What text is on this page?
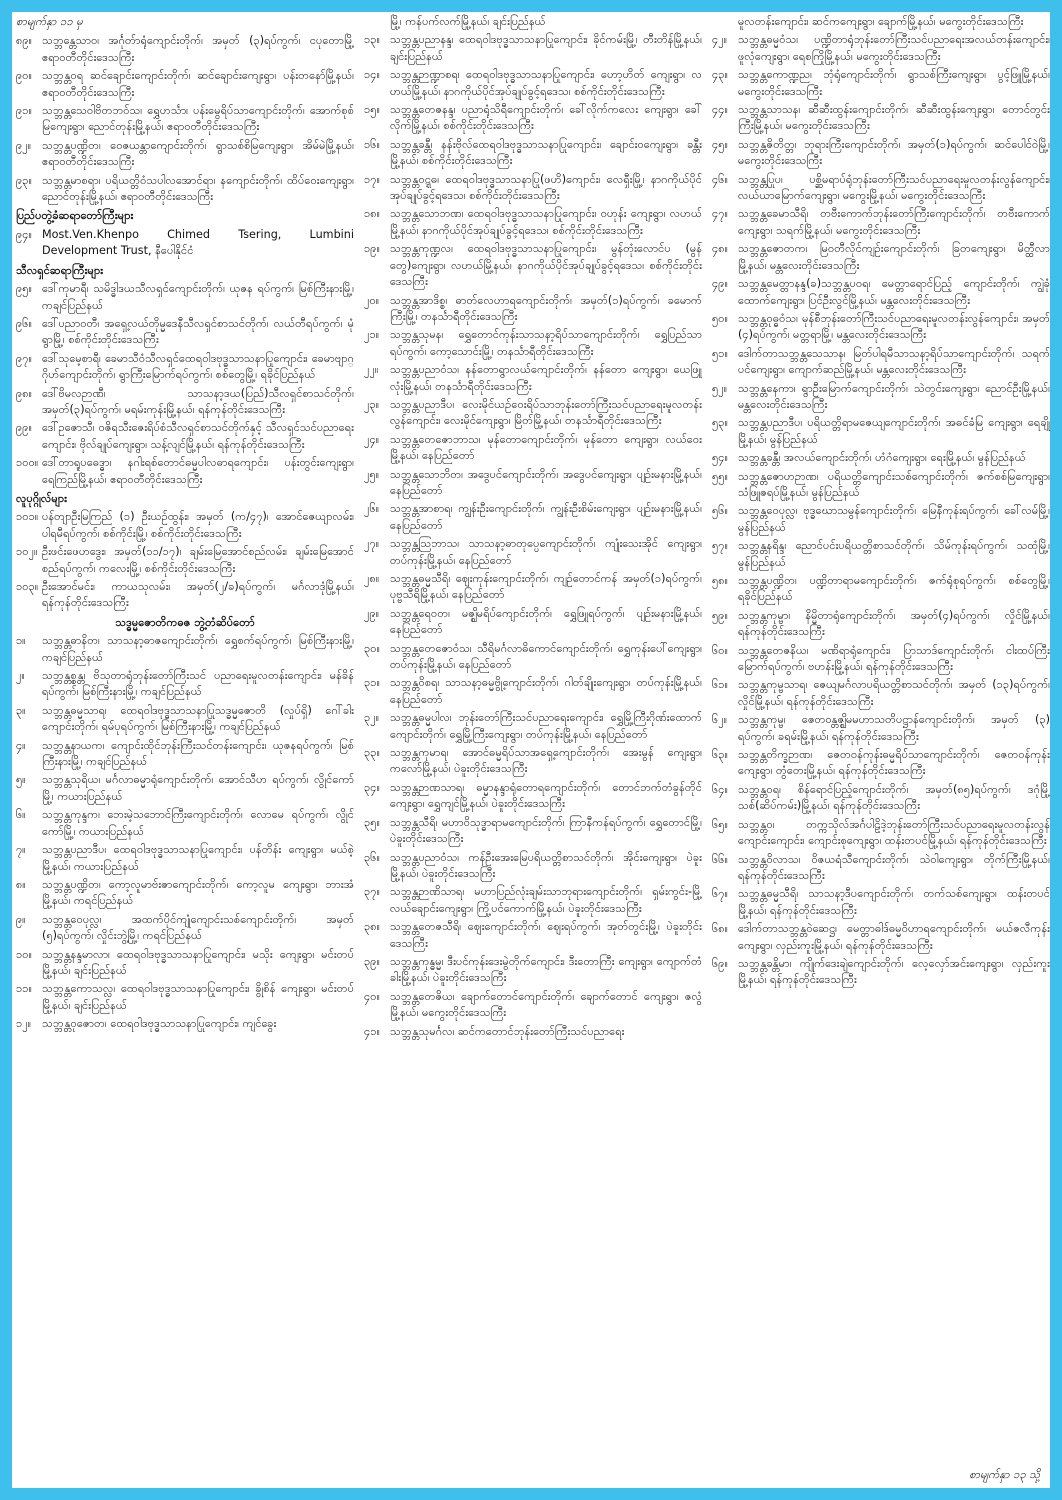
စာမျက်နှာ ၁၁ မှ
၈၉။ သဘ္ဘန္တေသာဝ၊ အင်္ဂုတ်ာရုံကျောင်းတိုက်၊ အမှတ် (၃)ရပ်ကွက်၊ ငပုတောမြို့ ဧရာဝတီတိုင်းဒေသကြီး
၉၀။ သဘ္ဘန္တဝရ ဆင်ချောင်းကျောင်းတိုက်၊ ဆင်ချောင်းကျေးရွာ၊ ပန်းတနော်မြို့နယ်၊ ဧရာဝတီတိုင်းဒေသကြီး
၉၁။ သဘ္ဘန္တသေဝါဗိတဘဝ်သ၊ ရွှေဟင်္သာ၊ ပန်းမွေရိပ်သာကျောင်းတိုက်၊ အောက်စုစ်မြကျေးရွာ၊ ညောင်တုန်းမြို့နယ်၊ ဧရာဝတီတိုင်းဒေသကြီး
၉၂။ သဘ္ဘန္တပဏ္ဍိတ၊ ဝေဇယန္တာကျောင်းတိုက်၊ ရွာသစ်စိမြကျေးရွာ၊ အိမ်မဲမြို့နယ်၊ ဧရာဝတီတိုင်းဒေသကြီး
၉၃။ သဘ္ဘန္တမာစရာ၊ ပရိယတ္တိဝံသပါလအောင်ရာ၊ နကျောင်းတိုက်၊ ထိပ်ဝေးကျေးရွာ၊ ညောင်တုန်းမြို့နယ်၊ ဧရာဝတီတိုင်းဒေသကြီး
ပြည်ပတွဲ့ခံဆရာတော်ကြီးများ
၉၄။ Most.Ven.Khenpo Chimed Tsering, Lumbini Development Trust, နီပေါနိုင်ငံ
သီလရှင်ဆရာကြီးများ
၉၅။ ဒေါ်ကုမာရီ၊ သမိဒ္ဓါဒယသီလရှင်ကျောင်းတိုက်၊ ယုဇန ရပ်ကွက်၊ မြစ်ကြီးနားမြို့၊ ကချင်ပြည်နယ်
၉၆။ ဒေါ်ပညာဝတီ၊ အရှေ့လယ်တိုမ္မဒေနီသီလရှင်စာသင်တိုက်၊ လယ်တီရပ်ကွက်၊ မုံရွာမြို့၊ စစ်ကိုင်းတိုင်းဒေသကြီး
၉၇။ ဒေါ်သုမေ့စာရီ၊ ခေမာသီဝံသီလရှင်ထေရဝါဒဗုဒ္ဓသာသနာပြုကျောင်း၊ ခေမာဗျာဂ္ဂိုဟ်ကျောင်းတိုက်၊ ရွာကြီးမြောက်ရပ်ကွက်၊ စစ်တွေမြို့၊ ရခိုင်ပြည်နယ်
၉၈။ ဒေါ်ဗိမလဉာဏီ၊ သာသနာ့ဒယ(ပြည်)သီလရှင်စာသင်တိုက်၊ အမှတ်(၃)ရပ်ကွက်၊ မရမ်းကုန်းမြို့နယ်၊ ရန်ကုန်တိုင်းဒေသကြီး
၉၉။ ဒေါ်ဥဇောသီ၊ ဝဇိရသီးဇေးရိပ်စံသီလရှင်စာသင်တိုက်နှင့် သီလရှင်သင်ပညာရေးကျောင်း၊ ဗိုလ်ချုပ်ကျေးရွာ၊ သန့်လျင်မြို့နယ်၊ ရန်ကုန်တိုင်းဒေသကြီး
၁၀၀။ ဒေါ်တာရူပဓေဒ္ဓာ၊ နဂါးရစ်တောင်ဓမ္မပါလဓာရကျောင်း၊ ပန်းတွင်းကျေးရွာ၊ ရေကြည်မြို့နယ်၊ ဧရာဝတီတိုင်းဒေသကြီး
လူပုဂ္ဂိုလ်များ
၁၀၁။ ပန်တျာဦးမြကြည် (၁) ဦးယဉ်ထွန်း၊ အမှတ် (က/၄၇)၊ အောင်ဇေယျာလမ်း၊ ပါရမီရပ်ကွက်၊ စစ်ကိုင်းမြို့၊ စစ်ကိုင်းတိုင်းဒေသကြီး
၁၀၂။ ဦးဖင်းဖေဟဒွေး၊ အမှတ်(၁၁/၁၇)၊ ချမ်းမြေအောင်စည်လမ်း၊ ချမ်းမြေအောင်စည်ရပ်ကွက်၊ ကလေးမြို့၊ စစ်ကိုင်းတိုင်းဒေသကြီး
၁၀၃။ ဦးအောင်မင်း၊ ကာယသုလမ်း၊ အမှတ်(၂/ခ)ရပ်ကွက်၊ မင်္ဂလာဒုံမြို့နယ်၊ ရန်ကုန်တိုင်းဒေသကြီး
သဒ္ဓမ္မဇောတိကဓဇ ဘွဲ့တံဆိပ်တော်
၁။	သဘ္ဘန္တဓာနိတ၊ သာသနာ့ဓာဇကျောင်းတိုက်၊ ရွှေစက်ရပ်ကွက်၊ မြစ်ကြီးနားမြို့၊ ကချင်ပြည်နယ်
၂။	သဘ္ဘန္တစ္စန္တ၊ ဗိသုတာရုံဘုန်းတော်ကြီးသင် ပညာရေးမူလတန်းကျောင်း၊ မန်ခိန်ရပ်ကွက်၊ မြစ်ကြီးနားမြို့၊ ကချင်ပြည်နယ်
၃။	သဘ္ဘန္တဓမ္မသာရ၊ ထေရဝါဒဗုဒ္ဓသာသနာပြုသဒ္ဓမ္မဇောတိ (လှုပ်ရှိ) ဂေါ်ခါးကျောင်းတိုက်၊ ရမ်ပုရပ်ကွက်၊ မြစ်ကြီးနားမြို့၊ ကချင်ပြည်နယ်
၄။	သဘ္ဘန္တနာယက၊ ကျောင်းထိုင်ဘုန်းကြီးသင်တန်းကျောင်း၊ ယုဇနရပ်ကွက်၊ မြစ်ကြီးနားမြို့၊ ကချင်ပြည်နယ်
၅။	သဘ္ဘန္တသုရိယ၊ မင်္ဂလာဓမ္မာရုံကျောင်းတိုက်၊ အောင်သီဟ ရပ်ကွက်၊ လွိုင်ကော်မြို့၊ ကယားပြည်နယ်
၆။	သဘ္ဘန္တကုန္ဒက၊ ဘေးမဲ့သဘောင်ကြီးကျောင်းတိုက်၊ လောမေ ရပ်ကွက်၊ လွိုင်ကော်မြို့၊ ကယားပြည်နယ်
၇။	သဘ္ဘန္တပညာဒီပ၊ ထေရဝါဒဗုဒ္ဓသာသနာပြုကျောင်း၊ ပန်တိန်း ကျေးရွာ၊ မယ်စဲ့မြို့နယ်၊ ကယားပြည်နယ်
၈။	သဘ္ဘန္တပဏ္ဍိတ၊ ကော့လူမာဗ်းဇာကျောင်းတိုက်၊ ကော့လူမ ကျေးရွာ၊ ဘားအံမြို့နယ်၊ ကရင်ပြည်နယ်
၉။	သဘ္ဘန္တဝေပုလ္လ၊ အထက်ပိုင်ကျုံကျောင်းသစ်ကျောင်းတိုက်၊ အမှတ် (၅)ရပ်ကွက်၊ လှိုင်းဘွဲ့မြို့၊ ကရင်ပြည်နယ်
၁၀။ သဘ္ဘန္တနန္ဒမာလာ၊ ထေရဝါဒဗုဒ္ဓသာသနာပြုကျောင်း၊ မသိုး ကျေးရွာ၊ မင်းတပ်မြို့နယ်၊ ချင်းပြည်နယ်
၁၁။ သဘ္ဘန္တကောသလ္လ၊ ထေရဝါဒဗုဒ္ဓသာသနာပြုကျောင်း၊ ခွိုစိန် ကျေးရွာ၊ မင်းတပ်မြို့နယ်၊ ချင်းပြည်နယ်
၁၂။ သဘ္ဘန္တဝုဇောတ၊ ထေရဝါဒဗုဒ္ဓသာသနာပြုကျောင်း၊ ကျင်ခွေး
မြို့၊ ကန်ပက်လက်မြို့နယ်၊ ချင်းပြည်နယ်
၁၃။ သဘ္ဘန္တပညာနန္ဒ၊ ထေရဝါဒဗုဒ္ဓသာသနာပြုကျောင်း၊ ခိုင်ကမ်းမြို့၊ တီးတိန်မြို့နယ်၊ ချင်းပြည်နယ်
၁၄။ သဘ္ဘန္တဉာဏ္ဍာစရ၊ ထေရဝါဒဗုဒ္ဓသာသနာပြုကျောင်း၊ ဟော့ဟိတ် ကျေးရွာ၊ လဟယ်မြို့နယ်၊ နာဂကိုယ်ပိုင်အုပ်ချုပ်ခွင့်ရဒေသ၊ စစ်ကိုင်းတိုင်းဒေသကြီး
၁၅။ သဘ္ဘန္တတေဇနန္ဒ၊ ပညာရုံသိရီကျောင်းတိုက်၊ ခေါ်လိုက်ကလေး ကျေးရွာ၊ ခေါ်လိုက်မြို့နယ်၊ စစ်ကိုင်းတိုင်းဒေသကြီး
၁၆။ သဘ္ဘန္တခန္တီ၊ နန်းဗိုလ်ထေရဝါဒဗုဒ္ဓသာသနာပြုကျောင်း၊ ချောင်းဝကျေးရွာ၊ ခန္တီးမြို့နယ်၊ စစ်ကိုင်းတိုင်းဒေသကြီး
၁၇။ သဘ္ဘန္တဝဋ္ဋဓ၊ ထေရဝါဒဗုဒ္ဓသာသနာပြု(ဖဟိ)ကျောင်း၊ လေရှီးမြို့၊ နာဂကိုယ်ပိုင်အုပ်ချုပ်ခွင့်ရဒေသ၊ စစ်ကိုင်းတိုင်းဒေသကြီး
၁၈။ သဘ္ဘန္တသောဘဏ၊ ထေရဝါဒဗုဒ္ဓသာသနာပြုကျောင်း၊ ဝဟုန်း ကျေးရွာ၊ လဟယ်မြို့နယ်၊ နာဂကိုယ်ပိုင်အုပ်ချုပ်ခွင့်ရဒေသ၊ စစ်ကိုင်းတိုင်းဒေသကြီး
၁၉။ သဘ္ဘန္တကုဏ္ဍလ၊ ထေရဝါဒဗုဒ္ဓသာသနာပြုကျောင်း၊ မွန်တုံးလောင်ပ (မွန်တွေ)ကျေးရွာ၊ လဟယ်မြို့နယ်၊ နာဂကိုယ်ပိုင်အုပ်ချုပ်ခွင့်ရဒေသ၊ စစ်ကိုင်းတိုင်းဒေသကြီး
၂၀။ သဘ္ဘန္တအာဒိစ္စ၊ ဓာတ်လေဟာရကျောင်းတိုက်၊ အမှတ်(၁)ရပ်ကွက်၊ ခမောက်ကြီးမြို့၊ တနင်္သာရီတိုင်းဒေသကြီး
၂၁။ သဘ္ဘန္တသုမန၊ ရွှေတောင်ကုန်းသာသနာ့ရိပ်သာကျောင်းတိုက်၊ ရွှေပြည်သာရပ်ကွက်၊ ကော့သောင်းမြို့၊ တနင်္သာရီတိုင်းဒေသကြီး
၂၂။	သဘ္ဘန္တပညာဝံသ၊ နန်တောရွာလယ်ကျောင်းတိုက်၊ နန်တော ကျေးရွာ၊ ယေဖြူလုံးမြို့နယ်၊ တနင်္သာရီတိုင်းဒေသကြီး
၂၃။ သဘ္ဘန္တပညာဒီပ၊ လေးမိုင်ယဉ်ဝေးရိပ်သာဘုန်းတော်ကြီးသင်ပညာရေးမူလတန်းလွန်ကျောင်း၊ လေးမိုင်ကျေးရွာ၊ မြိတ်မြို့နယ်၊ တနင်္သာရီတိုင်းဒေသကြီး
၂၄။ သဘ္ဘန္တတေဇောဘာသ၊ မုန်တောကျောင်းတိုက်၊ မုန်တော ကျေးရွာ၊ လယ်ဝေးမြို့နယ်၊ နေပြည်တော်
၂၅။ သဘ္ဘန္တသောဘိတ၊ အဒွေပင်ကျောင်းတိုက်၊ အဒွေပင်ကျေးရွာ၊ ပျဉ်းမနားမြို့နယ်၊ နေပြည်တော်
၂၆။ သဘ္ဘန္တအာစာရ၊ ကျွန်းဦးကျောင်းတိုက်၊ ကျွန်းဦးစိမ်းကျေးရွာ၊ ပျဉ်းမနားမြို့နယ်၊ နေပြည်တော်
၂၇။ သဘ္ဘန္တသြဘာသ၊ သာသနာ့ဓာတုပ္ပေကျောင်းတိုက်၊ ကျုံးသေးအိုင် ကျေးရွာ၊ တပ်ကုန်းမြို့နယ်၊ နေပြည်တော်
၂၈။ သဘ္ဘန္တဓမ္မသီရိ၊ ဈေးကုန်းကျောင်းတိုက်၊ ကျဉ်တောင်ကန် အမှတ်(၁)ရပ်ကွက်၊ ပုဗ္ဗသီရိမြို့နယ်၊ နေပြည်တော်
၂၉။ သဘ္ဘန္တရေဝတ၊ မဇ္ဈိမရိပ်ကျောင်းတိုက်၊ ရွှေဖြူရပ်ကွက်၊ ပျဉ်းမနားမြို့နယ်၊ နေပြည်တော်
၃၀။ သဘ္ဘန္တတေဇောဝံသ၊ သီရိမင်္ဂလာဓိကောင်ကျောင်းတိုက်၊ ရွှေကုန်းပေါ်ကျေးရွာ၊ တပ်ကုန်းမြို့နယ်၊ နေပြည်တော်
၃၁။ သဘ္ဘန္တဝိစရ၊ သာသနာ့ဓမ္မဗွို့ကျောင်းတိုက်၊ ဂါတ်ချိုးကျေးရွာ၊ တပ်ကုန်းမြို့နယ်၊ နေပြည်တော်
၃၂။ သဘ္ဘန္တဓမ္မပါလ၊ ဘုန်းတော်ကြီးသင်ပညာရေးကျောင်း၊ ရွှေမြို့ကြီးဂိုဏ်းထောက်ကျောင်းတိုက်၊ ရွှေမြို့ကြီးကျေးရွာ၊ တပ်ကုန်းမြို့နယ်၊ နေပြည်တော်
၃၃။ သဘ္ဘန္တကုမာရ၊ အောင်ဓမ္မရိပ်သာအရှေ့ကျောင်းတိုက်၊ အေးမွန် ကျေးရွာ၊ ကလော်မြို့နယ်၊ ပဲခူးတိုင်းဒေသကြီး
၃၄။ သဘ္ဘန္တဉာဏသာရ၊ ဓမ္မာနန္ဒာရုံတောရကျောင်းတိုက်၊ တောင်ဘက်တံခွန်တိုင်ကျေးရွာ၊ ရွှေကျင်မြို့နယ်၊ ပဲခူးတိုင်းဒေသကြီး
၃၅။ သဘ္ဘန္တသီရိ၊ မဟာဝိသုဒ္ဓာရာမကျောင်းတိုက်၊ ကြာနီကန်ရပ်ကွက်၊ ရွှေတောင်မြို့၊ ပဲခူးတိုင်းဒေသကြီး
၃၆။ သဘ္ဘန္တပညာဝံသ၊ ကန်ဦးအေးမြေပရိယတ္တိစာသင်တိုက်၊ အိုင်းကျေးရွာ၊ ပဲခူးမြို့နယ်၊ ပဲခူးတိုင်းဒေသကြီး
၃၇။ သဘ္ဘန္တဉာဏိသာရ၊ မဟာပြည်လုံးချမ်းသာဘုရားကျောင်းတိုက်၊ ရှမ်းကွင်း-မြို့လယ်ချောင်းကျေးရွာ၊ ကြို့ပင်ကောက်မြို့နယ်၊ ပဲခူးတိုင်းဒေသကြီး
၃၈။ သဘ္ဘန္တတေဇသီရိ၊ ဈေးကျောင်းတိုက်၊ ဈေးရပ်ကွက်၊ အုတ်တွင်းမြို့၊ ပဲခူးတိုင်းဒေသကြီး
၃၉။ သဘ္ဘန္တကုန္ဓမ္မ၊ ဒီးပင်ကုန်းဒေးမွဲတိုက်ကျောင်း၊ ဒီးတောကြီး ကျေးရွာ၊ ကျောက်တံခါးမြို့နယ်၊ ပဲခူးတိုင်းဒေသကြီး
၄၀။ သဘ္ဘန္တတေဇိယ၊ ချောက်တောင်ကျောင်းတိုက်၊ ချောက်တောင် ကျေးရွာ၊ ဇလွံမြို့နယ်၊ မကွေးတိုင်းဒေသကြီး
၄၁။ သဘ္ဘန္တသုမင်္ဂလ၊ ဆင်ကတောင်ဘုန်းတော်ကြီးသင်ပညာရေး
မူလတန်းကျောင်း၊ ဆင်ကကျေးရွာ၊ ချောက်မြို့နယ်၊ မကွေးတိုင်းဒေသကြီး
၄၂။ သဘ္ဘန္တဓမ္မဝံသ၊ ပဏ္ဍိတာရုံဘုန်းတော်ကြီးသင်ပညာရေးအလယ်တန်းကျောင်း၊ ဖူလုံကျေးရွာ၊ ရေစကြိုမြို့နယ်၊ မကွေးတိုင်းဒေသကြီး
၄၃။ သဘ္ဘန္တကောဏ္ဍည၊ ဘုံရုံကျောင်းတိုက်၊ ရွာသစ်ကြီးကျေးရွာ၊ ပွင့်ဖြူမြို့နယ်၊ မကွေးတိုင်းဒေသကြီး
၄၄။ သဘ္ဘန္တသာသန၊ ဆီဆီးထွန်းကျောင်းတိုက်၊ ဆီဆီးထွန်းကျေးရွာ၊ တောင်တွင်းကြီးမြို့နယ်၊ မကွေးတိုင်းဒေသကြီး
၄၅။ သဘ္ဘန္တဇိတိတ္တ၊ ဘုရားကြီးကျောင်းတိုက်၊ အမှတ်(၁)ရပ်ကွက်၊ ဆင်ပေါင်ဝဲမြို့၊ မကွေးတိုင်းဒေသကြီး
၄၆။ သဘ္ဘန္တပြုပ၊ ပစ္ဆိမရာပ်ရုံဘုန်းတော်ကြီးသင်ပညာရေးမူလတန်းလွန်ကျောင်း၊ လယ်ယာမြောက်ကျေးရွာ၊ မကွေးမြို့နယ်၊ မကွေးတိုင်းဒေသကြီး
၄၇။ သဘ္ဘန္တခေမာသီရိ၊ တဗီးကောက်ဘုန်းတော်ကြီးကျောင်းတိုက်၊ တဗီးကောက်ကျေးရွာ၊ သရက်မြို့နယ်၊ မကွေးတိုင်းဒေသကြီး
၄၈။ သဘ္ဘန္တဇောတက၊ မြဝတီလိုင်ကျဉ်းကျောင်းတိုက်၊ ခြတကျေးရွာ၊ မိတ္ထီလာမြို့နယ်၊ မန္တလေးတိုင်းဒေသကြီး
၄၉။ သဘ္ဘန္တမေတ္တာနန္ဒ(ခ)သဘ္ဘန္တပဝရ၊ မေတ္တာရောင်ပြည့် ကျောင်းတိုက်၊ ကျွဲခုံထောက်ကျေးရွာ၊ ပြင်ဦးလွင်မြို့နယ်၊ မန္တလေးတိုင်းဒေသကြီး
၅၀။ သဘ္ဘန္တဝုဓ္ဓဝံသ၊ မုန်စီဘုန်းတော်ကြီးသင်ပညာရေးမူလတန်းလွန်ကျောင်း၊ အမှတ် (၄)ရပ်ကွက်၊ မတ္တရာမြို့၊ မန္တလေးတိုင်းဒေသကြီး
၅၁။ ဒေါက်တာသဘ္ဘန္တသေသာန၊ မြတ်ပါရမီသာသနာ့ရိပ်သာကျောင်းတိုက်၊ သရက်ပင်ကျေးရွာ၊ ကျောက်ဆည်မြို့နယ်၊ မန္တလေးတိုင်းဒေသကြီး
၅၂။ သဘ္ဘန္တနေကာ၊ ရွာဦးမြောက်ကျောင်းတိုက်၊ သဲတွင်းကျေးရွာ၊ ညောင်ဦးမြို့နယ်၊ မန္တလေးတိုင်းဒေသကြီး
၅၃။ သဘ္ဘန္တပညာဒီပ၊ ပရိယတ္တိရာမဇေယျကျောင်းတိုက်၊ အဓင်ခံမြ ကျေးရွာ၊ ရေချိုမြို့နယ်၊ မွန်ပြည်နယ်
၅၄။ သဘ္ဘန္တခန္တီ၊ အလယ်ကျောင်းတိုက်၊ ဟံဂံကျေးရွာ၊ ရေးမြို့နယ်၊ မွန်ပြည်နယ်
၅၅။ သဘ္ဘန္တဇောဟဉာဏ၊ ပရိယတ္တိကျောင်းသစ်ကျောင်းတိုက်၊ ဇက်စစ်မြကျေးရွာ၊ သံဖြူဇရပ်မြို့နယ်၊ မွန်ပြည်နယ်
၅၆။ သဘ္ဘန္တဝေပုလ္လ၊ ဗုဒ္ဓဃောသမွန်ကျောင်းတိုက်၊ မြေနီကုန်းရပ်ကွက်၊ ခေါ်လမ်မြို့၊ မွန်ပြည်နယ်
၅၇။ သဘ္ဘန္တနရိန္ဒ၊ ညောင်ပင်းပရိယတ္တိစာသင်တိုက်၊ သိမ်ကုန်းရပ်ကွက်၊ သထုံမြို့၊ မွန်ပြည်နယ်
၅၈။ သဘ္ဘန္တပဏ္ဍိတ၊ ပဏ္ဍိတာရာမကျောင်းတိုက်၊ ဇက်ရုံစုရပ်ကွက်၊ စစ်တွေမြို့၊ ရခိုင်ပြည်နယ်
၅၉။ သဘ္ဘန္တကုမ္ဗာ၊ နိမ္မိတာရုံကျောင်းတိုက်၊ အမှတ်(၄)ရပ်ကွက်၊ လှိုင်မြို့နယ်၊ ရန်ကုန်တိုင်းဒေသကြီး
၆၀။ သဘ္ဘန္တတေဇနိယ၊ မဏိရာရုံကျောင်း၊ ပြာသာဒ်ကျောင်းတိုက်၊ ငါးထပ်ကြီးမြောက်ရပ်ကွက်၊ ဗဟန်းမြို့နယ်၊ ရန်ကုန်တိုင်းဒေသကြီး
၆၁။ သဘ္ဘန္တကုမ္ဗသာရ၊ ဇေယျမင်္ဂလာပရိယတ္တိစာသင်တိုက်၊ အမှတ် (၁၃)ရပ်ကွက်၊ လှိုင်မြို့နယ်၊ ရန်ကုန်တိုင်းဒေသကြီး
၆၂။ သဘ္ဘန္တကုမ္ဗ၊ ဇေတဝန္တဇ္ဈိမမဟာသတိပဋ္ဌာန်ကျောင်းတိုက်၊ အမှတ် (၃) ရပ်ကွက်၊ ခရမ်းမြို့နယ်၊ ရန်ကုန်တိုင်းဒေသကြီး
၆၃။ သဘ္ဘန္တတိက္ခဉာဏ၊ ဇေတဝန်ကုန်းဓမ္မရိပ်သာကျောင်းတိုက်၊ ဇေတဝန်ကုန်းကျေးရွာ၊ တွံတေးမြို့နယ်၊ ရန်ကုန်တိုင်းဒေသကြီး
၆၄။ သဘ္ဘန္တဝရ၊ စိန်ရောင်ပြည့်ကျောင်းတိုက်၊ အမှတ်(၈၅)ရပ်ကွက်၊ ဒဂုံမြို့သစ်(ဆိပ်ကမ်း)မြို့နယ်၊ ရန်ကုန်တိုင်းဒေသကြီး
၆၅။ သဘ္ဘန္တဝ၊ တက္ကသိုလ်အင်္ဂပါဠိဒဲ့ဘုန်းတော်ကြီးသင်ပညာရေးမူလတန်းလွန်ကျောင်းကျောင်း၊ ကျောင်းစုကျေးရွာ၊ ထန်းတပင်မြို့နယ်၊ ရန်ကုန်တိုင်းဒေသကြီး
၆၆။ သဘ္ဘန္တဝိလာသ၊ ဝိဇယရံသီကျောင်းတိုက်၊ သဲဝါကျေးရွာ၊ တိုက်ကြီးမြို့နယ်၊ ရန်ကုန်တိုင်းဒေသကြီး
၆၇။ သဘ္ဘန္တဓမ္မသီရိ၊ သာသနာ့ဒီပကျောင်းတိုက်၊ တက်သစ်ကျေးရွာ၊ ထန်းတပင်မြို့နယ်၊ ရန်ကုန်တိုင်းဒေသကြီး
၆၈။ ဒေါက်တာသဘ္ဘန္တဝဲဆေဋ္ဌ၊ မေတ္တာဓါဒ်ဓမ္မဝိဟာရကျောင်းတိုက်၊ မယ်ဇလီကုန်းကျေးရွာ၊ လှည်းကူးမြို့နယ်၊ ရန်ကုန်တိုင်းဒေသကြီး
၆၉။ သဘ္ဘန္တခန္တိမာ၊ ကျိုက်ဒေးချဲကျောင်းတိုက်၊ လေ့လှော်အင်းကျေးရွာ၊ လှည်းကူးမြို့နယ်၊ ရန်ကုန်တိုင်းဒေသကြီး
စာမျက်နှာ ၁၃ သို့
